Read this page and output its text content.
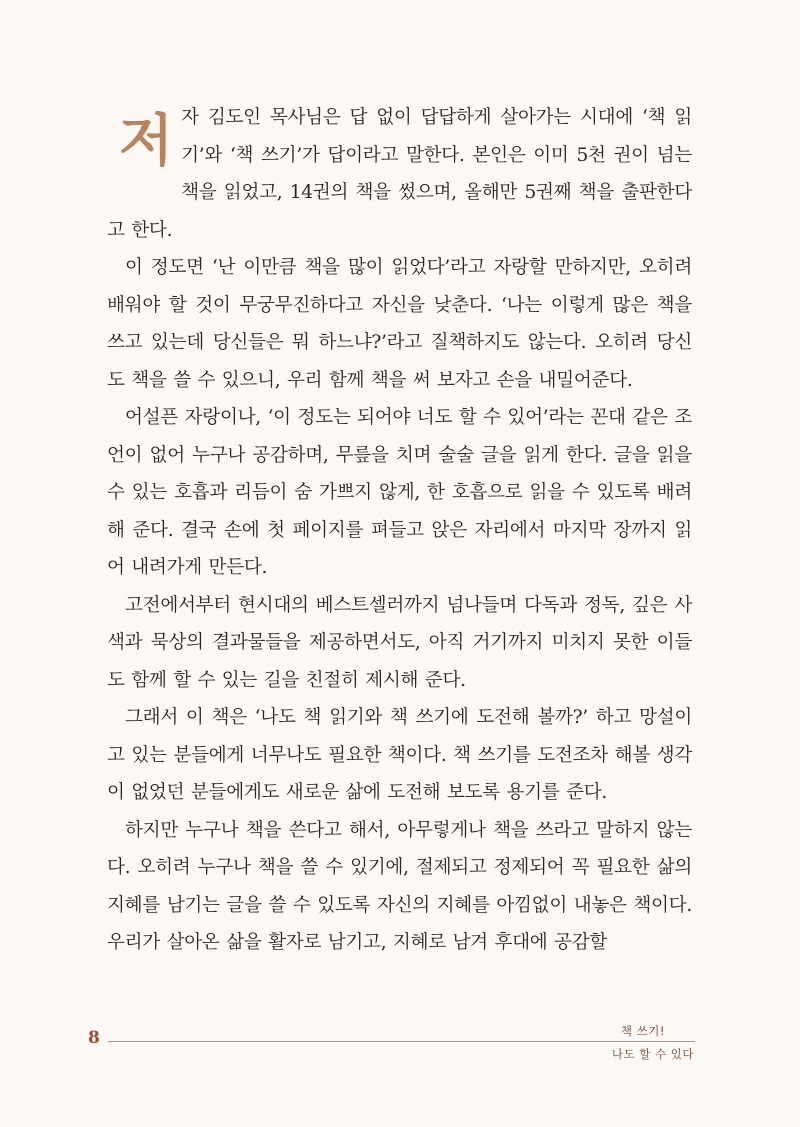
저자 김도인 목사님은 답 없이 답답하게 살아가는 시대에 ‘책 읽기’와 ‘책 쓰기’가 답이라고 말한다. 본인은 이미 5천 권이 넘는 책을 읽었고, 14권의 책을 썼으며, 올해만 5권째 책을 출판한다고 한다.

이 정도면 ‘난 이만큼 책을 많이 읽었다’라고 자랑할 만하지만, 오히려 배워야 할 것이 무궁무진하다고 자신을 낮춘다. ‘나는 이렇게 많은 책을 쓰고 있는데 당신들은 뭐 하느냐?’라고 질책하지도 않는다. 오히려 당신도 책을 쓸 수 있으니, 우리 함께 책을 써 보자고 손을 내밀어준다.

어설픈 자랑이나, ‘이 정도는 되어야 너도 할 수 있어’라는 꼰대 같은 조언이 없어 누구나 공감하며, 무릎을 치며 술술 글을 읽게 한다. 글을 읽을 수 있는 호흡과 리듬이 숨 가쁘지 않게, 한 호흡으로 읽을 수 있도록 배려해 준다. 결국 손에 첫 페이지를 펴들고 앉은 자리에서 마지막 장까지 읽어 내려가게 만든다.

고전에서부터 현시대의 베스트셀러까지 넘나들며 다독과 정독, 깊은 사색과 묵상의 결과물들을 제공하면서도, 아직 거기까지 미치지 못한 이들도 함께 할 수 있는 길을 친절히 제시해 준다.

그래서 이 책은 ‘나도 책 읽기와 책 쓰기에 도전해 볼까?’ 하고 망설이고 있는 분들에게 너무나도 필요한 책이다. 책 쓰기를 도전조차 해볼 생각이 없었던 분들에게도 새로운 삶에 도전해 보도록 용기를 준다.

하지만 누구나 책을 쓴다고 해서, 아무렇게나 책을 쓰라고 말하지 않는다. 오히려 누구나 책을 쓸 수 있기에, 절제되고 정제되어 꼭 필요한 삶의 지혜를 남기는 글을 쓸 수 있도록 자신의 지혜를 아낌없이 내놓은 책이다. 우리가 살아온 삶을 활자로 남기고, 지혜로 남겨 후대에 공감할

8	책 쓰기!
나도 할 수 있다
